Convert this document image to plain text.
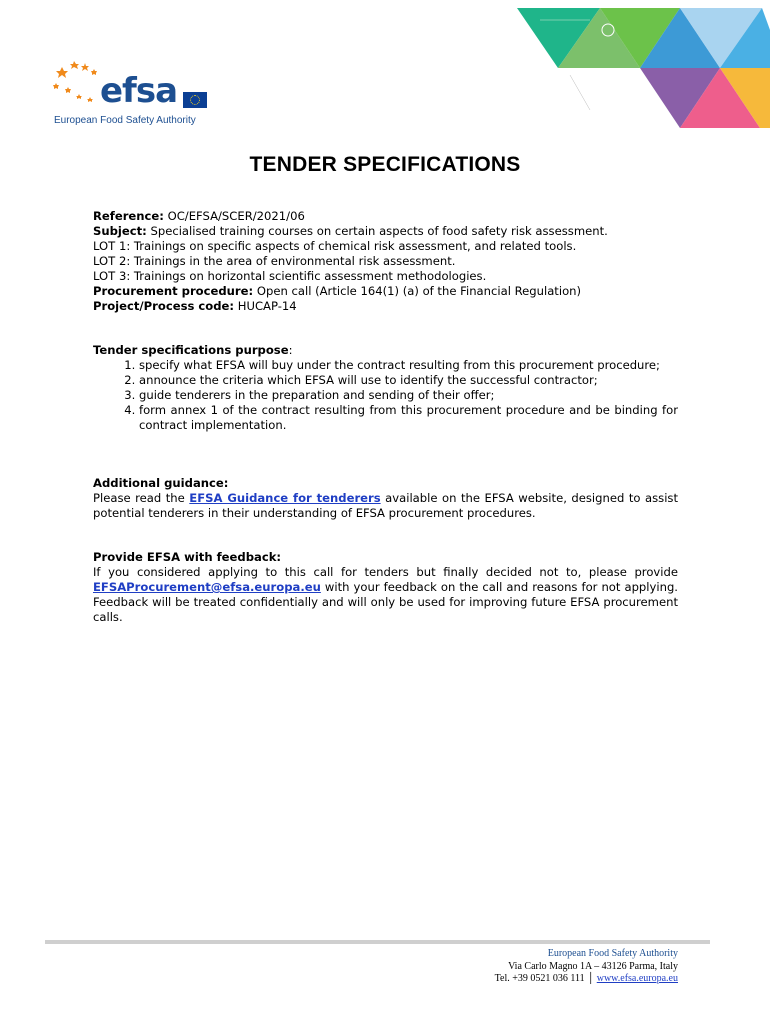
efsa
European Food Safety Authority
TENDER SPECIFICATIONS

Reference: OC/EFSA/SCER/2021/06

Subject: Specialised training courses on certain aspects of food safety risk assessment.

LOT 1: Trainings on specific aspects of chemical risk assessment, and related tools.

LOT 2: Trainings in the area of environmental risk assessment.

LOT 3: Trainings on horizontal scientific assessment methodologies.

Procurement procedure: Open call (Article 164(1) (a) of the Financial Regulation)

Project/Process code: HUCAP-14

Tender specifications purpose:

1. specify what EFSA will buy under the contract resulting from this procurement procedure;
2. announce the criteria which EFSA will use to identify the successful contractor;
3. guide tenderers in the preparation and sending of their offer;
4. form annex 1 of the contract resulting from this procurement procedure and be binding for contract implementation.

Additional guidance:

Please read the EFSA Guidance for tenderers available on the EFSA website, designed to assist potential tenderers in their understanding of EFSA procurement procedures.

Provide EFSA with feedback:

If you considered applying to this call for tenders but finally decided not to, please provide EFSAProcurement@efsa.europa.eu with your feedback on the call and reasons for not applying. Feedback will be treated confidentially and will only be used for improving future EFSA procurement calls.

European Food Safety Authority
Via Carlo Magno 1A – 43126 Parma, Italy
Tel. +39 0521 036 111 │ www.efsa.europa.eu
